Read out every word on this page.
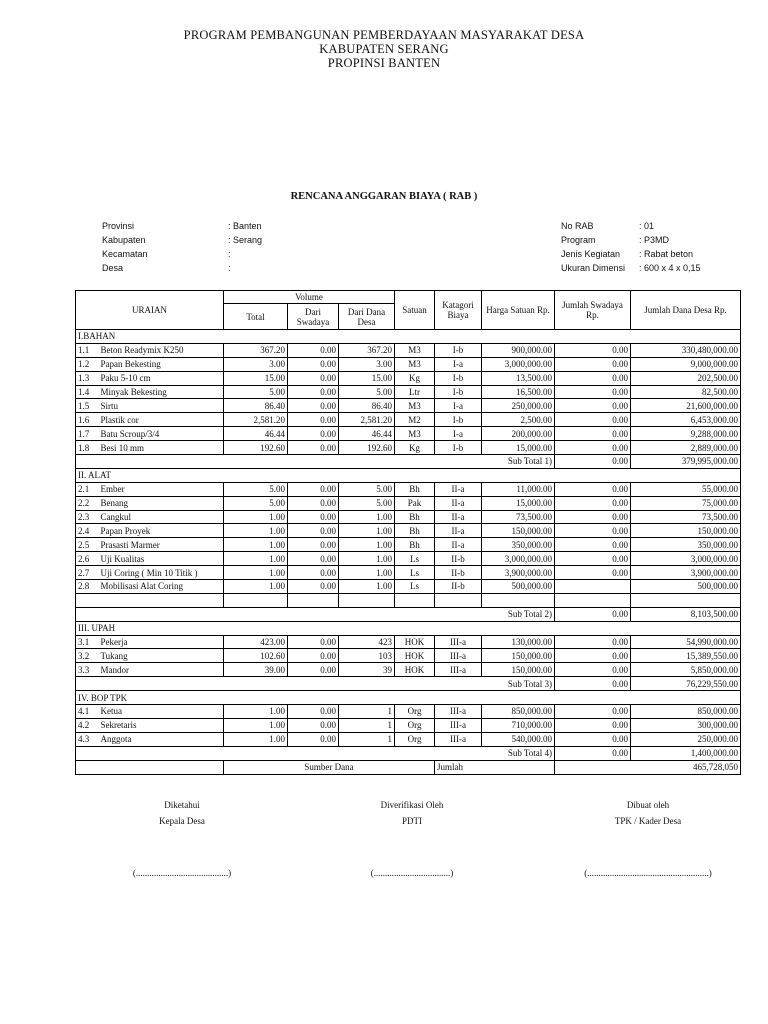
PROGRAM PEMBANGUNAN PEMBERDAYAAN MASYARAKAT DESA
KABUPATEN SERANG
PROPINSI BANTEN
RENCANA ANGGARAN BIAYA ( RAB )
Provinsi	: Banten
Kabupaten	: Serang
Kecamatan	:
Desa	:
No RAB	: 01
Program	: P3MD
Jenis Kegiatan	: Rabat beton
Ukuran Dimensi	: 600 x 4 x 0,15
URAIAN		Volume			Satuan	Katagori Biaya	Harga Satuan Rp.	Jumlah Swadaya Rp.	Jumlah Dana Desa Rp.
		Total	Dari Swadaya	Dari Dana Desa					
I.BAHAN									
1.1	Beton Readymix K250	367.20	0.00	367.20	M3	I-b	900,000.00	0.00	330,480,000.00
1.2	Papan Bekesting	3.00	0.00	3.00	M3	I-a	3,000,000.00	0.00	9,000,000.00
1.3	Paku 5-10 cm	15.00	0.00	15.00	Kg	I-b	13,500.00	0.00	202,500.00
1.4	Minyak Bekesting	5.00	0.00	5.00	Ltr	I-b	16,500.00	0.00	82,500.00
1.5	Sirtu	86.40	0.00	86.40	M3	I-a	250,000.00	0.00	21,600,000.00
1.6	Plastik cor	2,581.20	0.00	2,581.20	M2	I-b	2,500.00	0.00	6,453,000.00
1.7	Batu Scroup/3/4	46.44	0.00	46.44	M3	I-a	200,000.00	0.00	9,288,000.00
1.8	Besi 10 mm	192.60	0.00	192.60	Kg	I-b	15,000.00	0.00	2,889,000.00
							Sub Total 1)	0.00	379,995,000.00
II. ALAT									
2.1	Ember	5.00	0.00	5.00	Bh	II-a	11,000.00	0.00	55,000.00
2.2	Benang	5.00	0.00	5.00	Pak	II-a	15,000.00	0.00	75,000.00
2.3	Cangkul	1.00	0.00	1.00	Bh	II-a	73,500.00	0.00	73,500.00
2.4	Papan Proyek	1.00	0.00	1.00	Bh	II-a	150,000.00	0.00	150,000.00
2.5	Prasasti Marmer	1.00	0.00	1.00	Bh	II-a	350,000.00	0.00	350,000.00
2.6	Uji Kualitas	1.00	0.00	1.00	Ls	II-b	3,000,000.00	0.00	3,000,000.00
2.7	Uji Coring ( Min 10 Titik )	1.00	0.00	1.00	Ls	II-b	3,900,000.00	0.00	3,900,000.00
2.8	Mobilisasi Alat Coring	1.00	0.00	1.00	Ls	II-b	500,000.00		500,000.00

							Sub Total 2)	0.00	8,103,500.00
III. UPAH									
3.1	Pekerja	423.00	0.00	423	HOK	III-a	130,000.00	0.00	54,990,000.00
3.2	Tukang	102.60	0.00	103	HOK	III-a	150,000.00	0.00	15,389,550.00
3.3	Mandor	39.00	0.00	39	HOK	III-a	150,000.00	0.00	5,850,000.00
							Sub Total 3)	0.00	76,229,550.00
IV. BOP TPK									
4.1	Ketua	1.00	0.00	1	Org	III-a	850,000.00	0.00	850,000.00
4.2	Sekretaris	1.00	0.00	1	Org	III-a	710,000.00	0.00	300,000.00
4.3	Anggota	1.00	0.00	1	Org	III-a	540,000.00	0.00	250,000.00
							Sub Total 4)	0.00	1,400,000.00
		Sumber Dana				Jumlah		465,728,050	
Diketahui
Kepala Desa
Diverifikasi Oleh
PDTI
Dibuat oleh
TPK / Kader Desa
(.........................................)	(..................................)	(......................................................)
